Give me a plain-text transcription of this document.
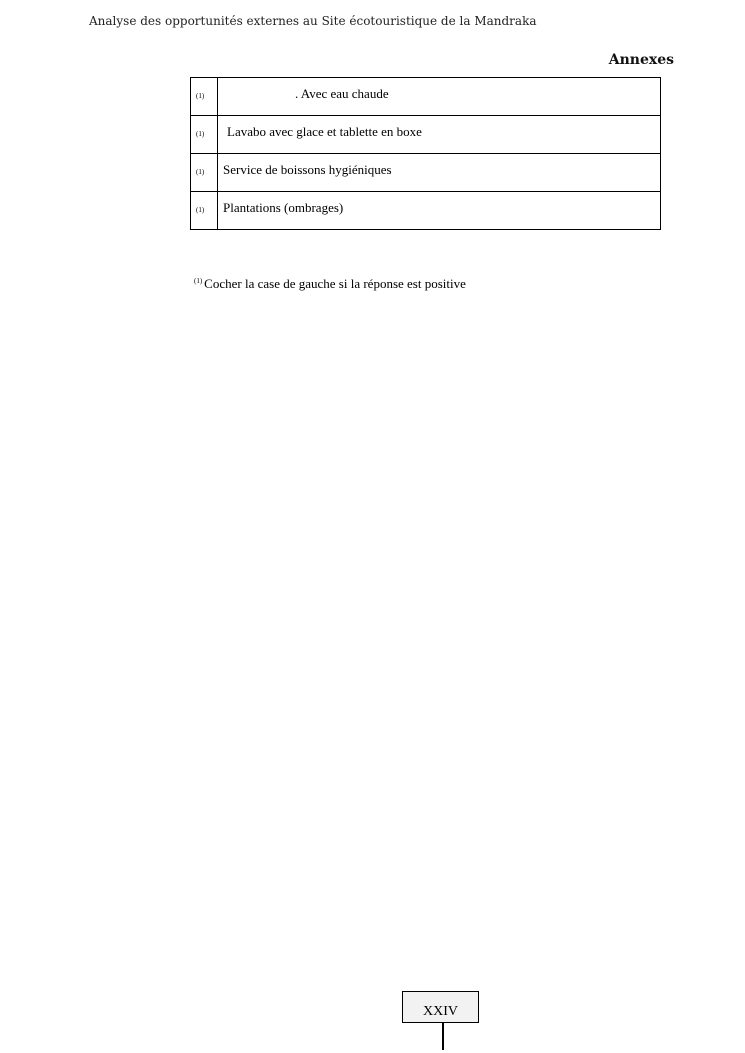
Analyse des opportunités externes au Site écotouristique de la Mandraka
Annexes
(1)	. Avec eau chaude
(1)	Lavabo avec glace et tablette en boxe
(1)	Service de boissons hygiéniques
(1)	Plantations (ombrages)
$^{(1)}$ Cocher la case de gauche si la réponse est positive
XXIV
